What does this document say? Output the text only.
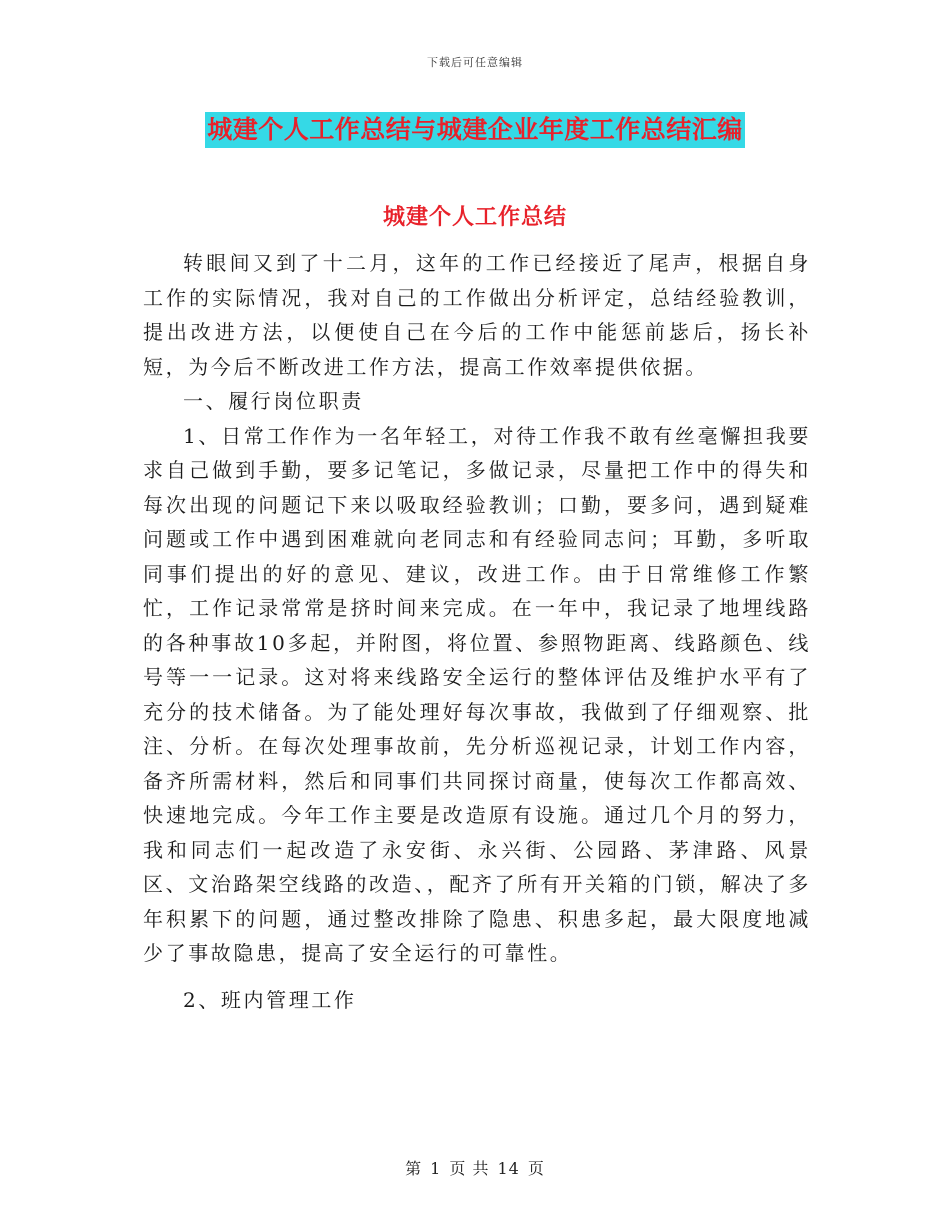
下载后可任意编辑
城建个人工作总结与城建企业年度工作总结汇编
城建个人工作总结

转眼间又到了十二月，这年的工作已经接近了尾声，根据自身工作的实际情况，我对自己的工作做出分析评定，总结经验教训，提出改进方法，以便使自己在今后的工作中能惩前毖后，扬长补短，为今后不断改进工作方法，提高工作效率提供依据。

一、履行岗位职责

1、日常工作作为一名年轻工，对待工作我不敢有丝毫懈担我要求自己做到手勤，要多记笔记，多做记录，尽量把工作中的得失和每次出现的问题记下来以吸取经验教训；口勤，要多问，遇到疑难问题或工作中遇到困难就向老同志和有经验同志问；耳勤，多听取同事们提出的好的意见、建议，改进工作。由于日常维修工作繁忙，工作记录常常是挤时间来完成。在一年中，我记录了地埋线路的各种事故10多起，并附图，将位置、参照物距离、线路颜色、线号等一一记录。这对将来线路安全运行的整体评估及维护水平有了充分的技术储备。为了能处理好每次事故，我做到了仔细观察、批注、分析。在每次处理事故前，先分析巡视记录，计划工作内容，备齐所需材料，然后和同事们共同探讨商量，使每次工作都高效、快速地完成。今年工作主要是改造原有设施。通过几个月的努力，我和同志们一起改造了永安街、永兴街、公园路、茅津路、风景区、文治路架空线路的改造、，配齐了所有开关箱的门锁，解决了多年积累下的问题，通过整改排除了隐患、积患多起，最大限度地减少了事故隐患，提高了安全运行的可靠性。

2、班内管理工作

第 1 页 共 14 页
